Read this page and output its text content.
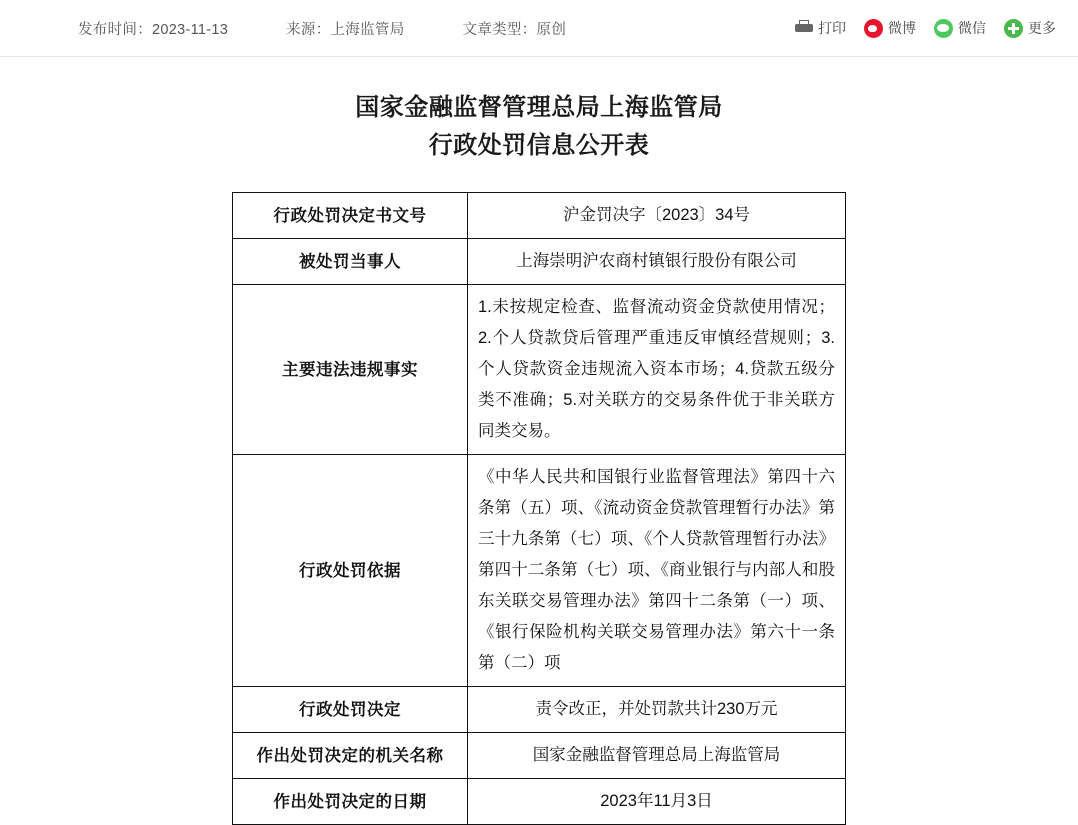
发布时间：2023-11-13	来源：上海监管局	文章类型：原创	打印	微博	微信	更多
国家金融监督管理总局上海监管局
行政处罚信息公开表
行政处罚决定书文号	沪金罚决字〔2023〕34号
被处罚当事人	上海崇明沪农商村镇银行股份有限公司
主要违法违规事实	1.未按规定检查、监督流动资金贷款使用情况；2.个人贷款贷后管理严重违反审慎经营规则；3.个人贷款资金违规流入资本市场；4.贷款五级分类不准确；5.对关联方的交易条件优于非关联方同类交易。
行政处罚依据	《中华人民共和国银行业监督管理法》第四十六条第（五）项、《流动资金贷款管理暂行办法》第三十九条第（七）项、《个人贷款管理暂行办法》第四十二条第（七）项、《商业银行与内部人和股东关联交易管理办法》第四十二条第（一）项、《银行保险机构关联交易管理办法》第六十一条第（二）项
行政处罚决定	责令改正，并处罚款共计230万元
作出处罚决定的机关名称	国家金融监督管理总局上海监管局
作出处罚决定的日期	2023年11月3日
